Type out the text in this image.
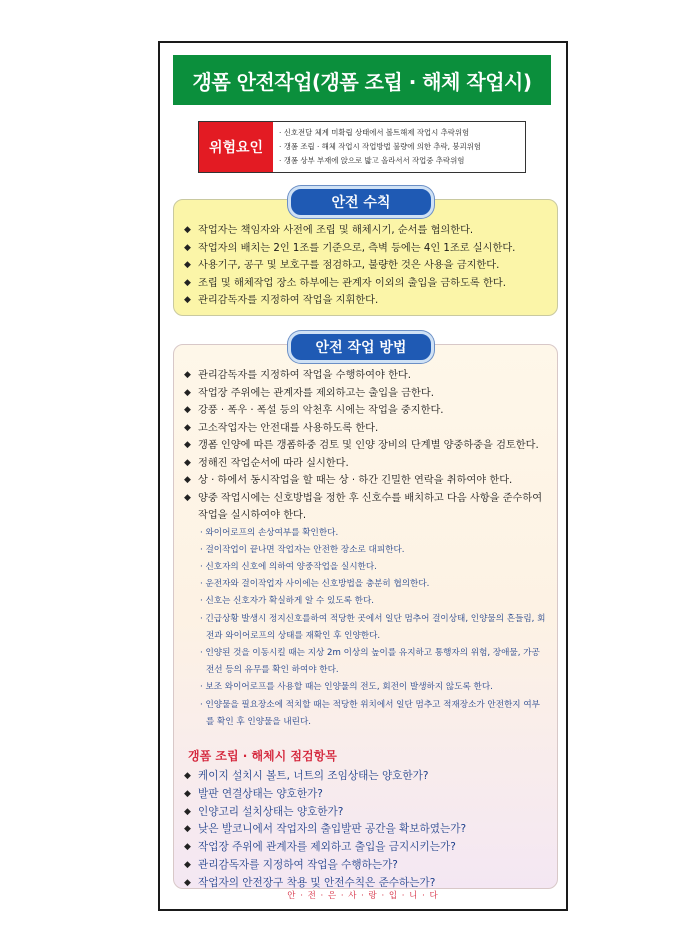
갱폼 안전작업(갱폼 조립 · 해체 작업시)
위험요인
· 신호전달 체계 미확립 상태에서 볼트해제 작업시 추락위험
· 갱폼 조립 · 해체 작업시 작업방법 불량에 의한 추락, 붕괴위험
· 갱폼 상부 부재에 앉으로 밟고 올라서서 작업중 추락위험
안전 수칙
◆ 작업자는 책임자와 사전에 조립 및 해체시기, 순서를 협의한다.
◆ 작업자의 배치는 2인 1조를 기준으로, 측벽 등에는 4인 1조로 실시한다.
◆ 사용기구, 공구 및 보호구를 점검하고, 불량한 것은 사용을 금지한다.
◆ 조립 및 해체작업 장소 하부에는 관계자 이외의 출입을 금하도록 한다.
◆ 관리감독자를 지정하여 작업을 지휘한다.
안전 작업 방법
◆ 관리감독자를 지정하여 작업을 수행하여야 한다.
◆ 작업장 주위에는 관계자를 제외하고는 출입을 금한다.
◆ 강풍 · 폭우 · 폭설 등의 악천후 시에는 작업을 중지한다.
◆ 고소작업자는 안전대를 사용하도록 한다.
◆ 갱폼 인양에 따른 갱폼하중 검토 및 인양 장비의 단계별 양중하중을 검토한다.
◆ 정해진 작업순서에 따라 실시한다.
◆ 상 · 하에서 동시작업을 할 때는 상 · 하간 긴밀한 연락을 취하여야 한다.
◆ 양중 작업시에는 신호방법을 정한 후 신호수를 배치하고 다음 사항을 준수하여 작업을 실시하여야 한다.
· 와이어로프의 손상여부를 확인한다.
· 걸이작업이 끝나면 작업자는 안전한 장소로 대피한다.
· 신호자의 신호에 의하여 양중작업을 실시한다.
· 운전자와 걸이작업자 사이에는 신호방법을 충분히 협의한다.
· 신호는 신호자가 확실하게 알 수 있도록 한다.
· 긴급상황 발생시 정지신호를하여 적당한 곳에서 일단 멈추어 걸이상태, 인양물의 흔들림, 회전과 와이어로프의 상태를 재확인 후 인양한다.
· 인양된 것을 이동시킬 때는 지상 2m 이상의 높이를 유지하고 통행자의 위험, 장애물, 가공전선 등의 유무를 확인 하여야 한다.
· 보조 와이어로프를 사용할 때는 인양물의 전도, 회전이 발생하지 않도록 한다.
· 인양물을 필요장소에 적치할 때는 적당한 위치에서 일단 멈추고 적재장소가 안전한지 여부를 확인 후 인양물을 내린다.
갱폼 조립 · 해체시 점검항목
◆ 케이지 설치시 볼트, 너트의 조임상태는 양호한가?
◆ 발판 연결상태는 양호한가?
◆ 인양고리 설치상태는 양호한가?
◆ 낮은 발코니에서 작업자의 출입발판 공간을 확보하였는가?
◆ 작업장 주위에 관계자를 제외하고 출입을 금지시키는가?
◆ 관리감독자를 지정하여 작업을 수행하는가?
◆ 작업자의 안전장구 착용 및 안전수칙은 준수하는가?
안 · 전 · 은 · 사 · 랑 · 입 · 니 · 다
